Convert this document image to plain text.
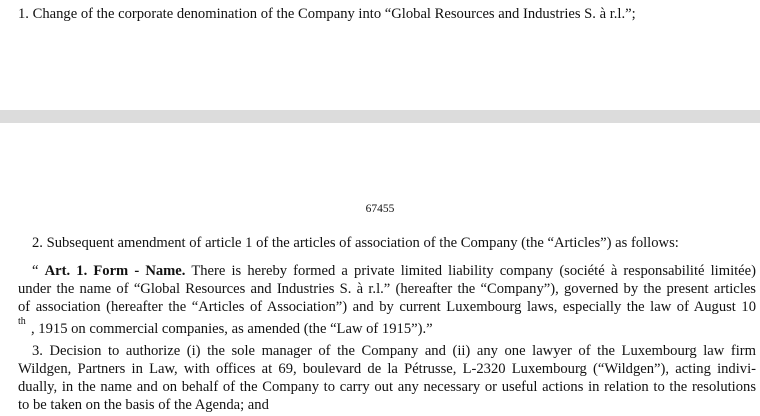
1. Change of the corporate denomination of the Company into “Global Resources and Industries S. à r.l.”;

67455

2. Subsequent amendment of article 1 of the articles of association of the Company (the “Articles”) as follows:

“ Art. 1. Form - Name. There is hereby formed a private limited liability company (société à responsabilité limitée)

under the name of “Global Resources and Industries S. à r.l.” (hereafter the “Company”), governed by the present articles

of association (hereafter the “Articles of Association”) and by current Luxembourg laws, especially the law of August 10

th , 1915 on commercial companies, as amended (the “Law of 1915”).”

3. Decision to authorize (i) the sole manager of the Company and (ii) any one lawyer of the Luxembourg law firm

Wildgen, Partners in Law, with offices at 69, boulevard de la Pétrusse, L-2320 Luxembourg (“Wildgen”), acting indivi-

dually, in the name and on behalf of the Company to carry out any necessary or useful actions in relation to the resolutions

to be taken on the basis of the Agenda; and
